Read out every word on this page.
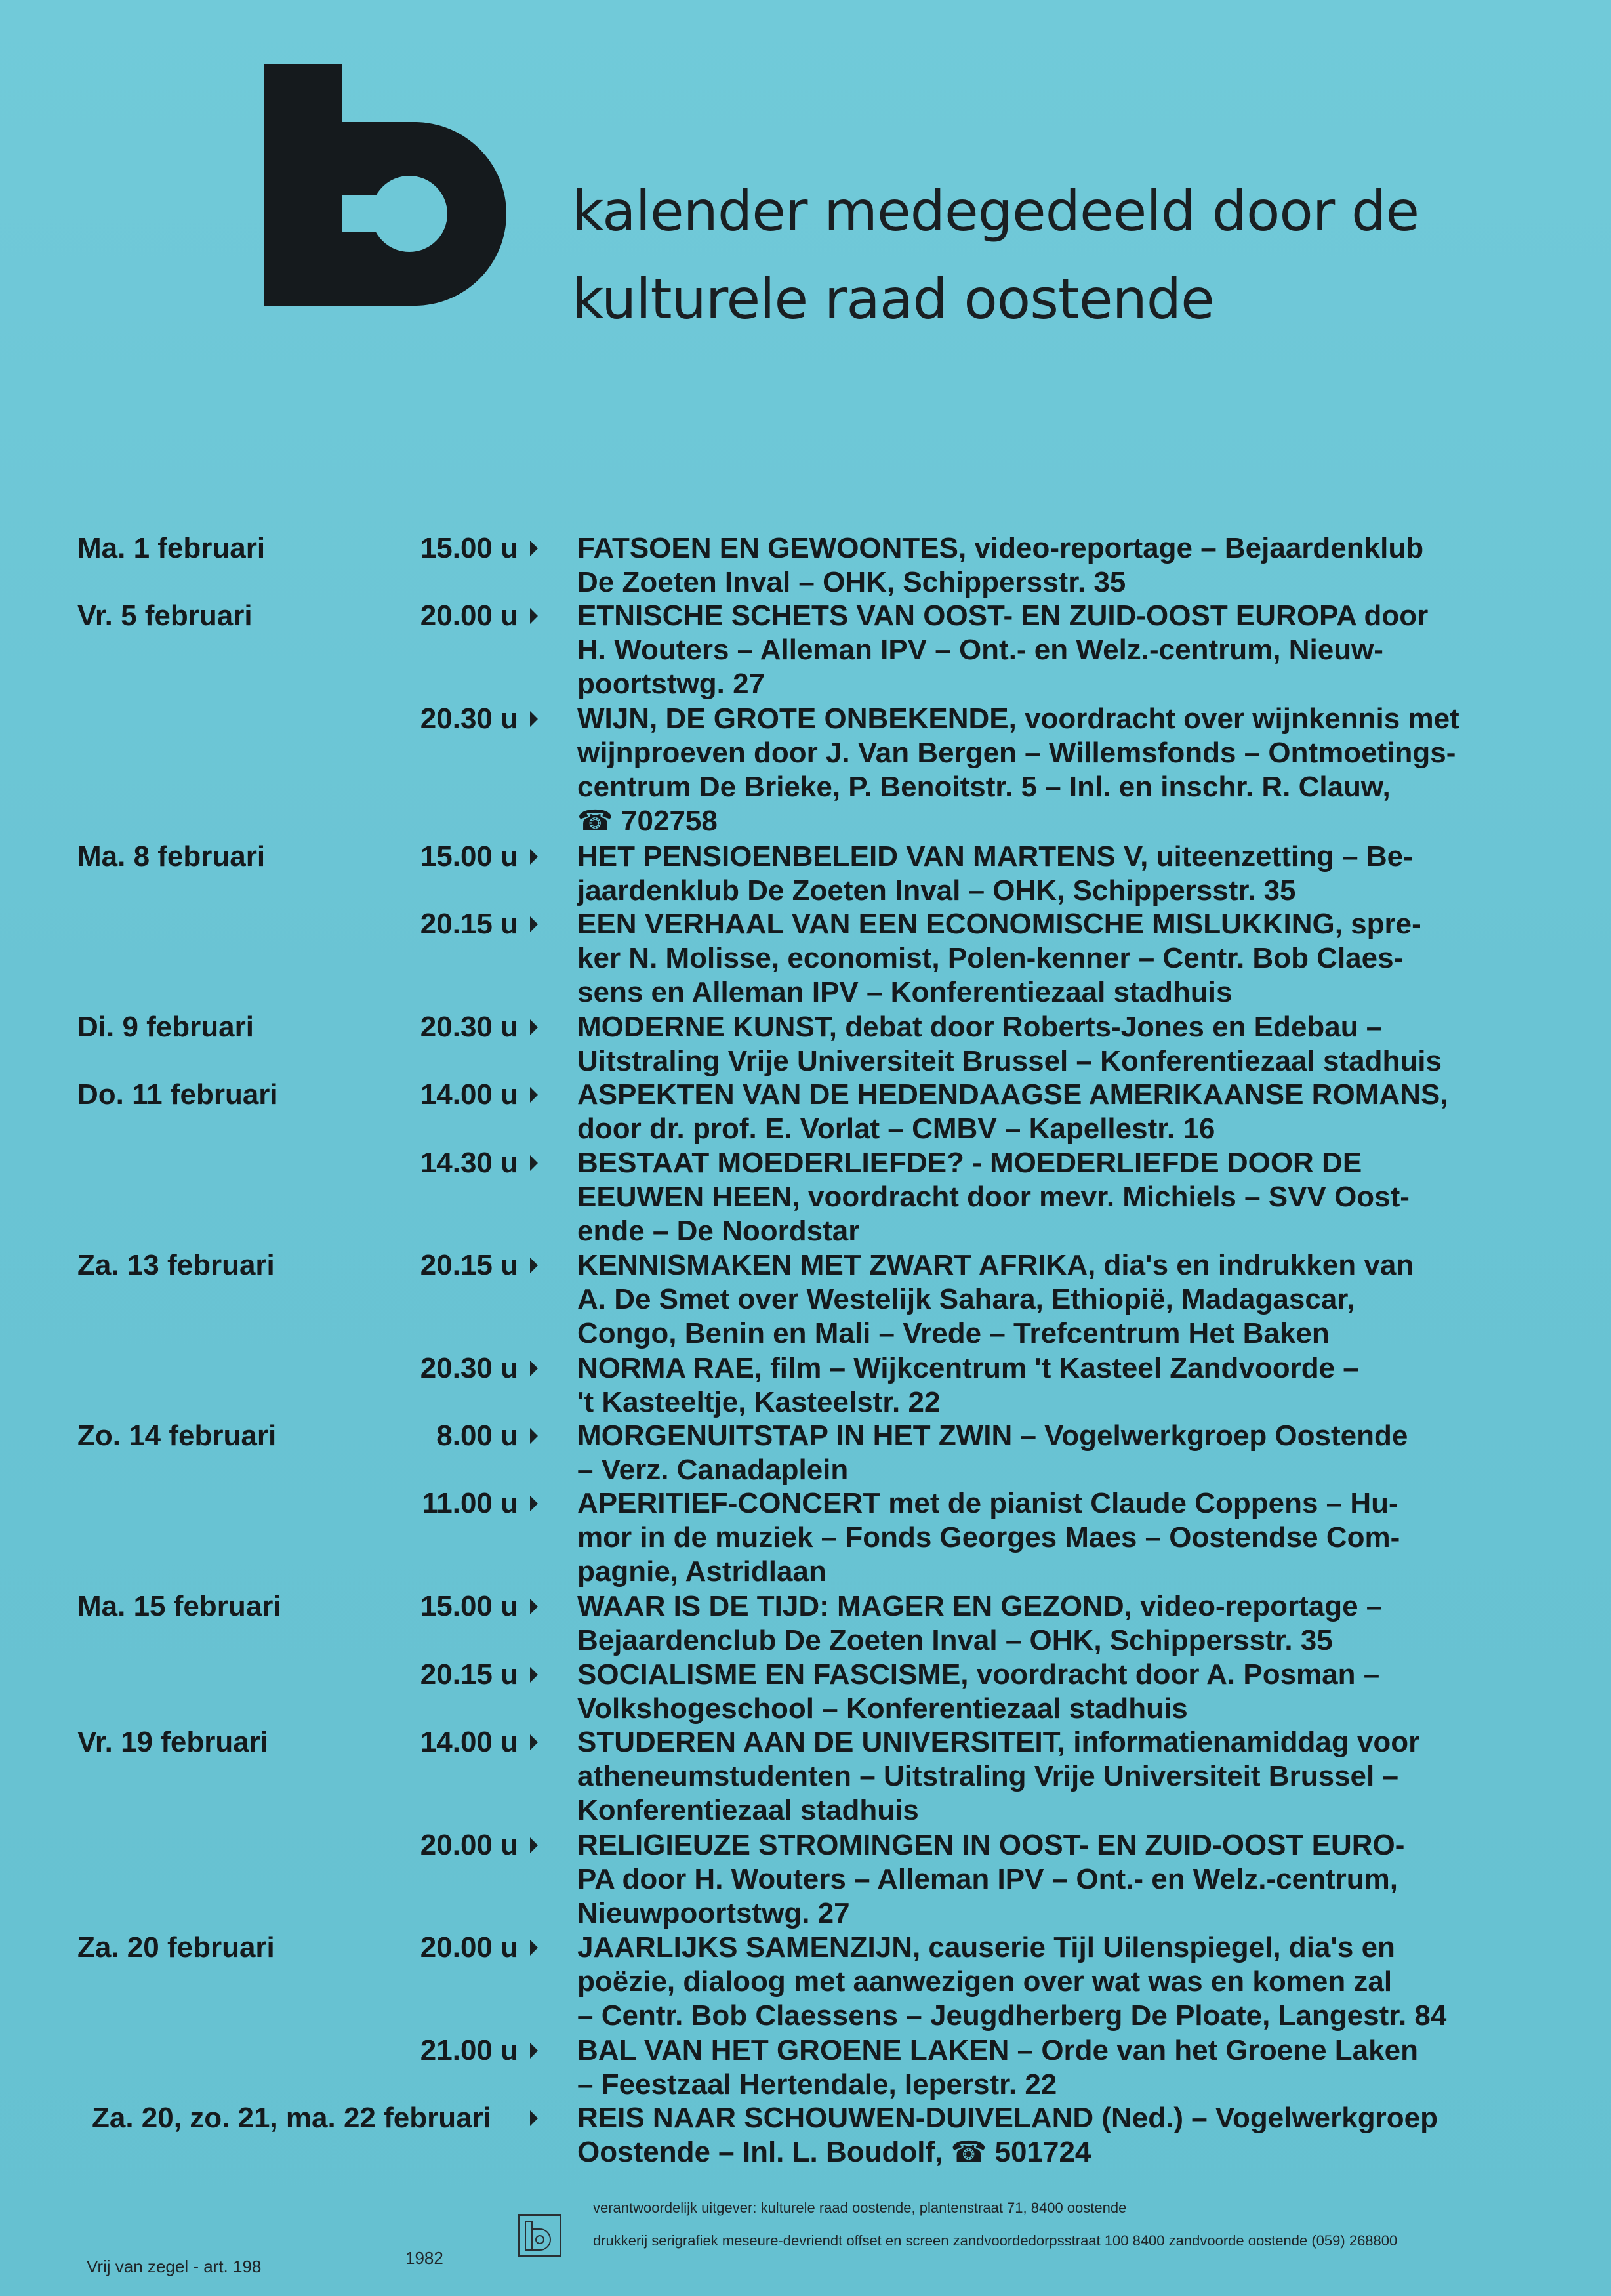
kalender medegedeeld door de
kulturele raad oostende
Ma. 1 februari	15.00 u FATSOEN EN GEWOONTES, video-reportage – Bejaardenklub
De Zoeten Inval – OHK, Schippersstr. 35
Vr. 5 februari	20.00 u ETNISCHE SCHETS VAN OOST- EN ZUID-OOST EUROPA door
H. Wouters – Alleman IPV – Ont.- en Welz.-centrum, Nieuw-
poortstwg. 27
20.30 u WIJN, DE GROTE ONBEKENDE, voordracht over wijnkennis met
wijnproeven door J. Van Bergen – Willemsfonds – Ontmoetings-
centrum De Brieke, P. Benoitstr. 5 – Inl. en inschr. R. Clauw,
☎ 702758
Ma. 8 februari	15.00 u HET PENSIOENBELEID VAN MARTENS V, uiteenzetting – Be-
jaardenklub De Zoeten Inval – OHK, Schippersstr. 35
20.15 u EEN VERHAAL VAN EEN ECONOMISCHE MISLUKKING, spre-
ker N. Molisse, economist, Polen-kenner – Centr. Bob Claes-
sens en Alleman IPV – Konferentiezaal stadhuis
Di. 9 februari	20.30 u MODERNE KUNST, debat door Roberts-Jones en Edebau –
Uitstraling Vrije Universiteit Brussel – Konferentiezaal stadhuis
Do. 11 februari	14.00 u ASPEKTEN VAN DE HEDENDAAGSE AMERIKAANSE ROMANS,
door dr. prof. E. Vorlat – CMBV – Kapellestr. 16
14.30 u BESTAAT MOEDERLIEFDE? - MOEDERLIEFDE DOOR DE
EEUWEN HEEN, voordracht door mevr. Michiels – SVV Oost-
ende – De Noordstar
Za. 13 februari	20.15 u KENNISMAKEN MET ZWART AFRIKA, dia's en indrukken van
A. De Smet over Westelijk Sahara, Ethiopië, Madagascar,
Congo, Benin en Mali – Vrede – Trefcentrum Het Baken
20.30 u NORMA RAE, film – Wijkcentrum 't Kasteel Zandvoorde –
't Kasteeltje, Kasteelstr. 22
Zo. 14 februari	8.00 u MORGENUITSTAP IN HET ZWIN – Vogelwerkgroep Oostende
– Verz. Canadaplein
11.00 u APERITIEF-CONCERT met de pianist Claude Coppens – Hu-
mor in de muziek – Fonds Georges Maes – Oostendse Com-
pagnie, Astridlaan
Ma. 15 februari	15.00 u WAAR IS DE TIJD: MAGER EN GEZOND, video-reportage –
Bejaardenclub De Zoeten Inval – OHK, Schippersstr. 35
20.15 u SOCIALISME EN FASCISME, voordracht door A. Posman –
Volkshogeschool – Konferentiezaal stadhuis
Vr. 19 februari	14.00 u STUDEREN AAN DE UNIVERSITEIT, informatienamiddag voor
atheneumstudenten – Uitstraling Vrije Universiteit Brussel –
Konferentiezaal stadhuis
20.00 u RELIGIEUZE STROMINGEN IN OOST- EN ZUID-OOST EURO-
PA door H. Wouters – Alleman IPV – Ont.- en Welz.-centrum,
Nieuwpoortstwg. 27
Za. 20 februari	20.00 u JAARLIJKS SAMENZIJN, causerie Tijl Uilenspiegel, dia's en
poëzie, dialoog met aanwezigen over wat was en komen zal
– Centr. Bob Claessens – Jeugdherberg De Ploate, Langestr. 84
21.00 u BAL VAN HET GROENE LAKEN – Orde van het Groene Laken
– Feestzaal Hertendale, Ieperstr. 22
Za. 20, zo. 21, ma. 22 februari	REIS NAAR SCHOUWEN-DUIVELAND (Ned.) – Vogelwerkgroep
Oostende – Inl. L. Boudolf, ☎ 501724
verantwoordelijk uitgever: kulturele raad oostende, plantenstraat 71, 8400 oostende
drukkerij serigrafiek meseure-devriendt offset en screen zandvoordedorpsstraat 100 8400 zandvoorde oostende (059) 268800
Vrij van zegel - art. 198	1982
